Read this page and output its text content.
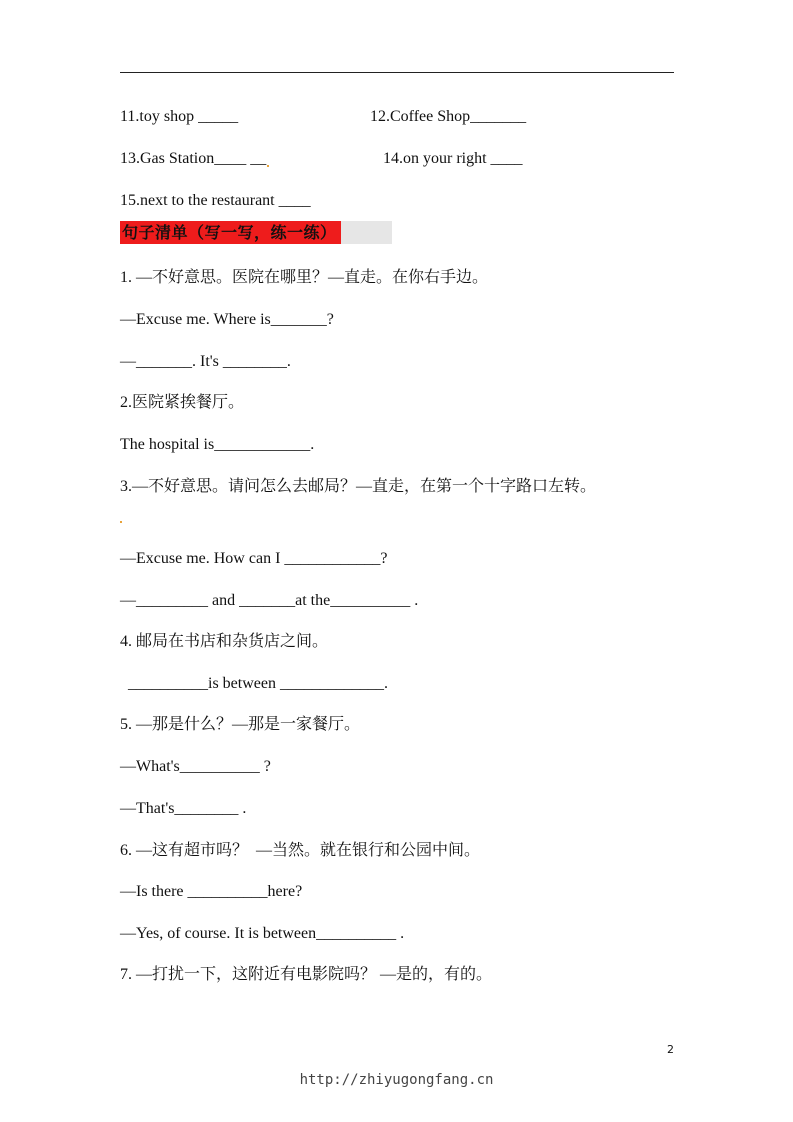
11.toy shop _____	12.Coffee Shop_______
13.Gas Station____ __	14.on your right ____
15.next to the restaurant ____
句子清单（写一写，练一练）
1. —不好意思。医院在哪里？—直走。在你右手边。
—Excuse me. Where is_______?
—_______. It's ________.
2.医院紧挨餐厅。
The hospital is____________.
3.—不好意思。请问怎么去邮局？—直走，在第一个十字路口左转。
—Excuse me. How can I ____________?
—_________ and _______at the__________ .
4. 邮局在书店和杂货店之间。
__________is between _____________.
5. —那是什么？—那是一家餐厅。
—What's__________ ?
—That's________ .
6. —这有超市吗？  —当然。就在银行和公园中间。
—Is there __________here?
—Yes, of course. It is between__________ .
7. —打扰一下，这附近有电影院吗？ —是的，有的。
2
http://zhiyugongfang.cn
